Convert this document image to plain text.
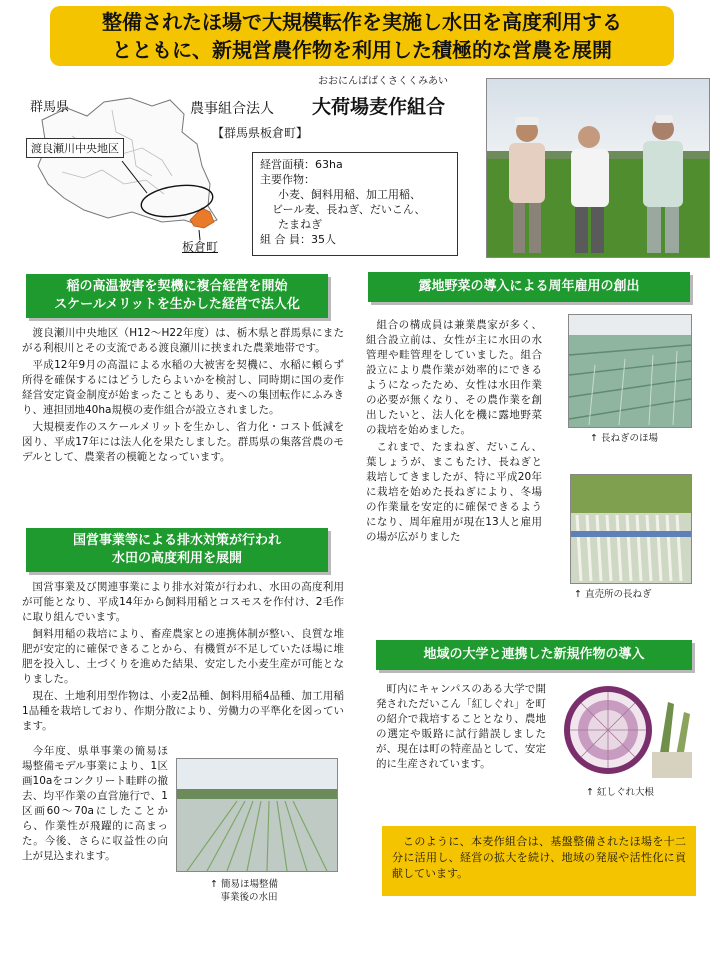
整備されたほ場で大規模転作を実施し水田を高度利用する
とともに、新規営農作物を利用した積極的な営農を展開
群馬県
渡良瀬川中央地区
板倉町
おおにんばばくさくくみあい
農事組合法人 大荷場麦作組合
【群馬県板倉町】
経営面積：63ha
主要作物：
小麦、飼料用稲、加工用稲、
ビール麦、長ねぎ、だいこん、
たまねぎ
組 合 員：35人
稲の高温被害を契機に複合経営を開始
スケールメリットを生かした経営で法人化

渡良瀬川中央地区（H12～H22年度）は、栃木県と群馬県にまたがる利根川とその支流である渡良瀬川に挟まれた農業地帯です。

平成12年9月の高温による水稲の大被害を契機に、水稲に頼らず所得を確保するにはどうしたらよいかを検討し、同時期に国の麦作経営安定資金制度が始まったこともあり、麦への集団転作にふみきり、連担団地40ha規模の麦作組合が設立されました。

大規模麦作のスケールメリットを生かし、省力化・コスト低減を図り、平成17年には法人化を果たしました。群馬県の集落営農のモデルとして、農業者の模範となっています。

国営事業等による排水対策が行われ
水田の高度利用を展開

国営事業及び関連事業により排水対策が行われ、水田の高度利用が可能となり、平成14年から飼料用稲とコスモスを作付け、2毛作に取り組んでいます。

飼料用稲の栽培により、畜産農家との連携体制が整い、良質な堆肥が安定的に確保できることから、有機質が不足していたほ場に堆肥を投入し、土づくりを進めた結果、安定した小麦生産が可能となりました。

現在、土地利用型作物は、小麦2品種、飼料用稲4品種、加工用稲1品種を栽培しており、作期分散により、労働力の平準化を図っています。

今年度、県単事業の簡易ほ場整備モデル事業により、1区画10aをコンクリート畦畔の撤去、均平作業の直営施行で、1区画60～70aにしたことから、作業性が飛躍的に高まった。今後、さらに収益性の向上が見込まれます。

↑ 簡易ほ場整備
事業後の水田
露地野菜の導入による周年雇用の創出

組合の構成員は兼業農家が多く、組合設立前は、女性が主に水田の水管理や畦管理をしていました。組合設立により農作業が効率的にできるようになったため、女性は水田作業の必要が無くなり、その農作業を創出したいと、法人化を機に露地野菜の栽培を始めました。

これまで、たまねぎ、だいこん、葉しょうが、まこもたけ、長ねぎと栽培してきましたが、特に平成20年に栽培を始めた長ねぎにより、冬場の作業量を安定的に確保できるようになり、周年雇用が現在13人と雇用の場が広がりました

↑ 長ねぎのほ場
↑ 直売所の長ねぎ
地域の大学と連携した新規作物の導入

町内にキャンパスのある大学で開発されただいこん「紅しぐれ」を町の紹介で栽培することとなり、農地の選定や販路に試行錯誤しましたが、現在は町の特産品として、安定的に生産されています。

↑ 紅しぐれ大根

このように、本麦作組合は、基盤整備されたほ場を十二分に活用し、経営の拡大を続け、地域の発展や活性化に貢献しています。
